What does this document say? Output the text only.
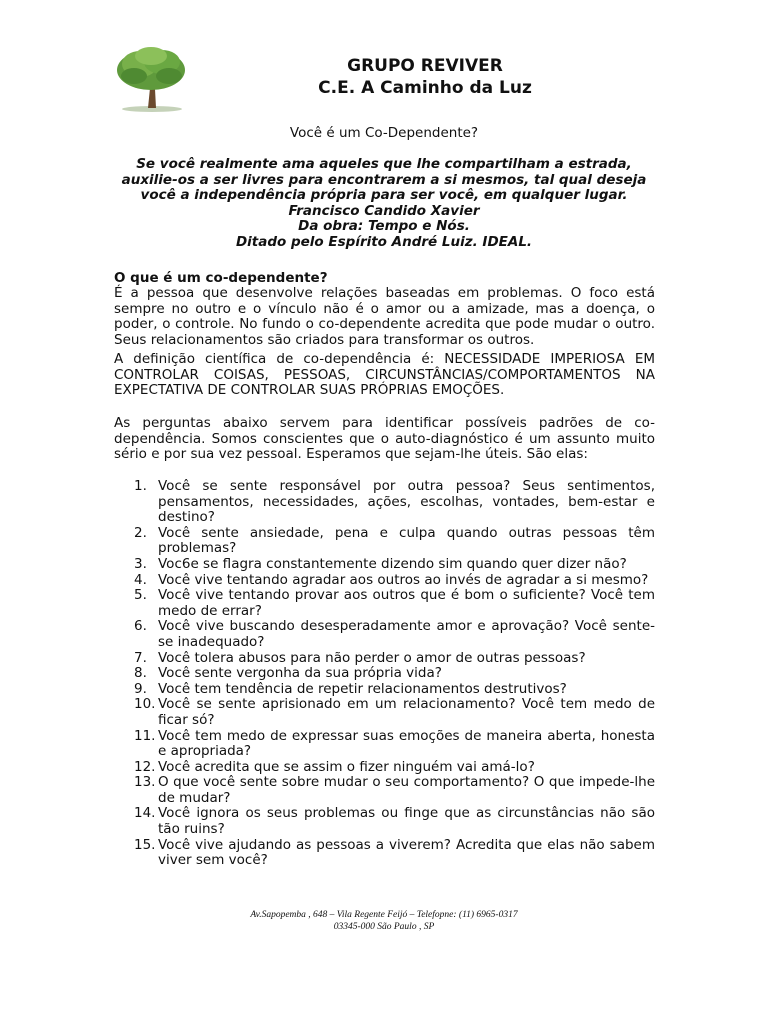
GRUPO REVIVER
C.E. A Caminho da Luz
Você é um Co-Dependente?
Se você realmente ama aqueles que lhe compartilham a estrada,
auxilie-os a ser livres para encontrarem a si mesmos, tal qual deseja
você a independência própria para ser você, em qualquer lugar.
Francisco Candido Xavier
Da obra: Tempo e Nós.
Ditado pelo Espírito André Luiz. IDEAL.
O que é um co-dependente?

É a pessoa que desenvolve relações baseadas em problemas. O foco está sempre no outro e o vínculo não é o amor ou a amizade, mas a doença, o poder, o controle. No fundo o co-dependente acredita que pode mudar o outro. Seus relacionamentos são criados para transformar os outros.

A definição científica de co-dependência é: NECESSIDADE IMPERIOSA EM CONTROLAR COISAS, PESSOAS, CIRCUNSTÂNCIAS/COMPORTAMENTOS NA EXPECTATIVA DE CONTROLAR SUAS PRÓPRIAS EMOÇÕES.

As perguntas abaixo servem para identificar possíveis padrões de co-dependência. Somos conscientes que o auto-diagnóstico é um assunto muito sério e por sua vez pessoal. Esperamos que sejam-lhe úteis. São elas:

1. Você se sente responsável por outra pessoa? Seus sentimentos, pensamentos, necessidades, ações, escolhas, vontades, bem-estar e destino?
2. Você sente ansiedade, pena e culpa quando outras pessoas têm problemas?
3. Voc6e se flagra constantemente dizendo sim quando quer dizer não?
4. Você vive tentando agradar aos outros ao invés de agradar a si mesmo?
5. Você vive tentando provar aos outros que é bom o suficiente? Você tem medo de errar?
6. Você vive buscando desesperadamente amor e aprovação? Você sente-se inadequado?
7. Você tolera abusos para não perder o amor de outras pessoas?
8. Você sente vergonha da sua própria vida?
9. Você tem tendência de repetir relacionamentos destrutivos?
10. Você se sente aprisionado em um relacionamento? Você tem medo de ficar só?
11. Você tem medo de expressar suas emoções de maneira aberta, honesta e apropriada?
12. Você acredita que se assim o fizer ninguém vai amá-lo?
13. O que você sente sobre mudar o seu comportamento? O que impede-lhe de mudar?
14. Você ignora os seus problemas ou finge que as circunstâncias não são tão ruins?
15. Você vive ajudando as pessoas a viverem? Acredita que elas não sabem viver sem você?
Av.Sapopemba , 648 – Vila Regente Feijó – Telefopne: (11) 6965-0317
03345-000 São Paulo , SP
